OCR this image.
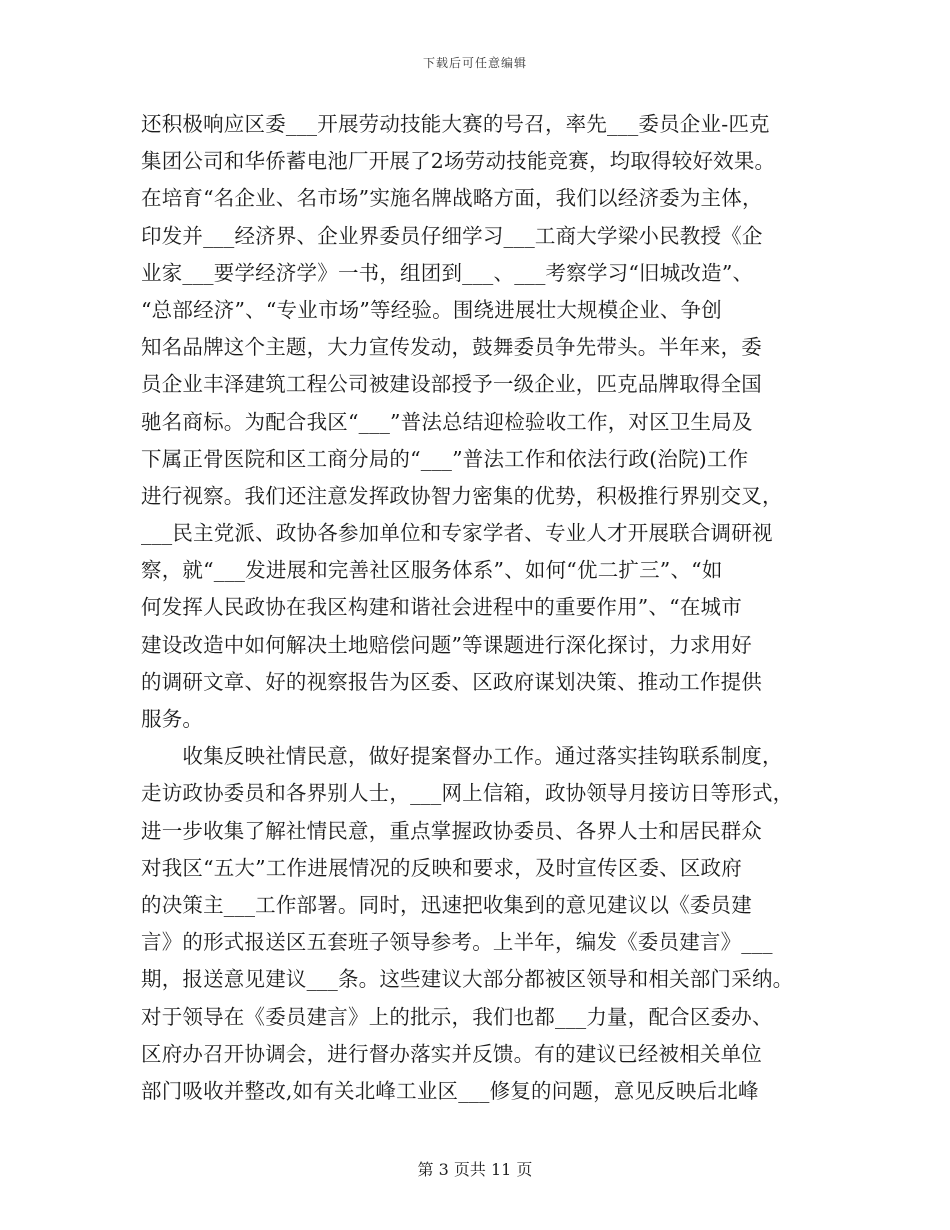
下载后可任意编辑
还积极响应区委___开展劳动技能大赛的号召，率先___委员企业-匹克
集团公司和华侨蓄电池厂开展了2场劳动技能竞赛，均取得较好效果。
在培育“名企业、名市场”实施名牌战略方面，我们以经济委为主体，
印发并___经济界、企业界委员仔细学习___工商大学梁小民教授《企
业家___要学经济学》一书，组团到___、___考察学习“旧城改造”、
“总部经济”、“专业市场”等经验。围绕进展壮大规模企业、争创
知名品牌这个主题，大力宣传发动，鼓舞委员争先带头。半年来，委
员企业丰泽建筑工程公司被建设部授予一级企业，匹克品牌取得全国
驰名商标。为配合我区“___”普法总结迎检验收工作，对区卫生局及
下属正骨医院和区工商分局的“___”普法工作和依法行政(治院)工作
进行视察。我们还注意发挥政协智力密集的优势，积极推行界别交叉，
___民主党派、政协各参加单位和专家学者、专业人才开展联合调研视
察，就“___发进展和完善社区服务体系”、如何“优二扩三”、“如
何发挥人民政协在我区构建和谐社会进程中的重要作用”、“在城市
建设改造中如何解决土地赔偿问题”等课题进行深化探讨，力求用好
的调研文章、好的视察报告为区委、区政府谋划决策、推动工作提供
服务。
　　收集反映社情民意，做好提案督办工作。通过落实挂钩联系制度，
走访政协委员和各界别人士，___网上信箱，政协领导月接访日等形式，
进一步收集了解社情民意，重点掌握政协委员、各界人士和居民群众
对我区“五大”工作进展情况的反映和要求，及时宣传区委、区政府
的决策主___工作部署。同时，迅速把收集到的意见建议以《委员建
言》的形式报送区五套班子领导参考。上半年，编发《委员建言》___
期，报送意见建议___条。这些建议大部分都被区领导和相关部门采纳。
对于领导在《委员建言》上的批示，我们也都___力量，配合区委办、
区府办召开协调会，进行督办落实并反馈。有的建议已经被相关单位
部门吸收并整改,如有关北峰工业区___修复的问题，意见反映后北峰
第 3 页共 11 页
